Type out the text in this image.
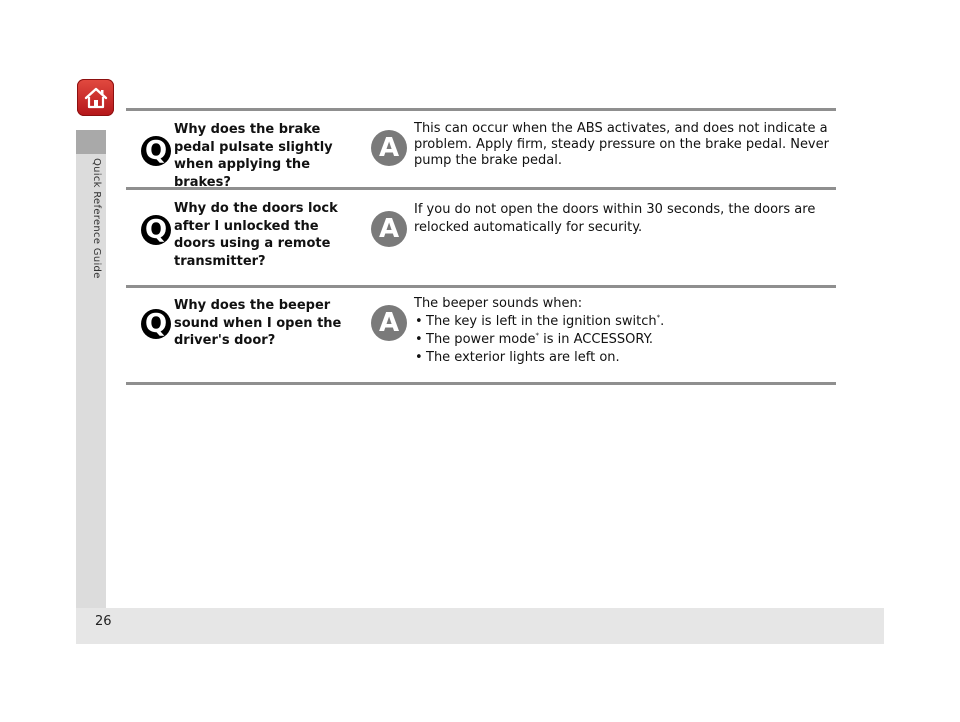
Quick Reference Guide
Q
Why does the brake pedal pulsate slightly when applying the brakes?
A
This can occur when the ABS activates, and does not indicate a problem. Apply firm, steady pressure on the brake pedal. Never pump the brake pedal.
Q
Why do the doors lock after I unlocked the doors using a remote transmitter?
A
If you do not open the doors within 30 seconds, the doors are relocked automatically for security.
Q
Why does the beeper sound when I open the driver's door?
A
The beeper sounds when:
• The key is left in the ignition switch*.
• The power mode* is in ACCESSORY.
• The exterior lights are left on.
26
